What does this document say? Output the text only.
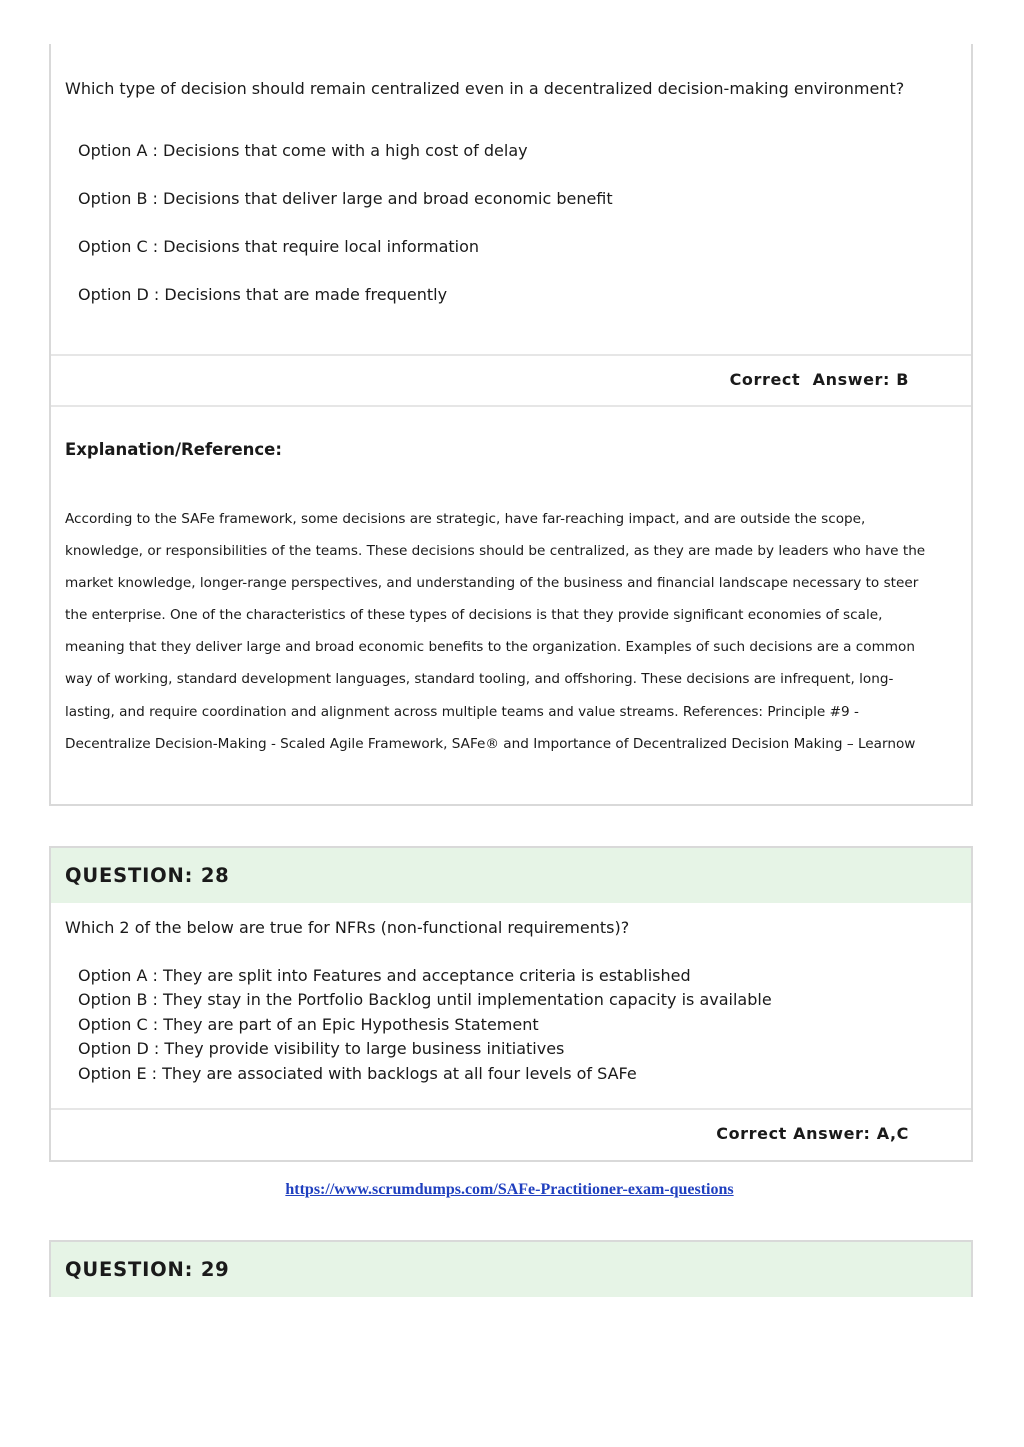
Which type of decision should remain centralized even in a decentralized decision-making environment?
Option A : Decisions that come with a high cost of delay
Option B : Decisions that deliver large and broad economic benefit
Option C : Decisions that require local information
Option D : Decisions that are made frequently
Correct  Answer: B
Explanation/Reference:
According to the SAFe framework, some decisions are strategic, have far-reaching impact, and are outside the scope,
knowledge, or responsibilities of the teams. These decisions should be centralized, as they are made by leaders who have the
market knowledge, longer-range perspectives, and understanding of the business and financial landscape necessary to steer
the enterprise. One of the characteristics of these types of decisions is that they provide significant economies of scale,
meaning that they deliver large and broad economic benefits to the organization. Examples of such decisions are a common
way of working, standard development languages, standard tooling, and offshoring. These decisions are infrequent, long-
lasting, and require coordination and alignment across multiple teams and value streams. References: Principle #9 -
Decentralize Decision-Making - Scaled Agile Framework, SAFe® and Importance of Decentralized Decision Making – Learnow
QUESTION: 28
Which 2 of the below are true for NFRs (non-functional requirements)?
Option A : They are split into Features and acceptance criteria is established
Option B : They stay in the Portfolio Backlog until implementation capacity is available
Option C : They are part of an Epic Hypothesis Statement
Option D : They provide visibility to large business initiatives
Option E : They are associated with backlogs at all four levels of SAFe
Correct Answer: A,C
https://www.scrumdumps.com/SAFe-Practitioner-exam-questions
QUESTION: 29
